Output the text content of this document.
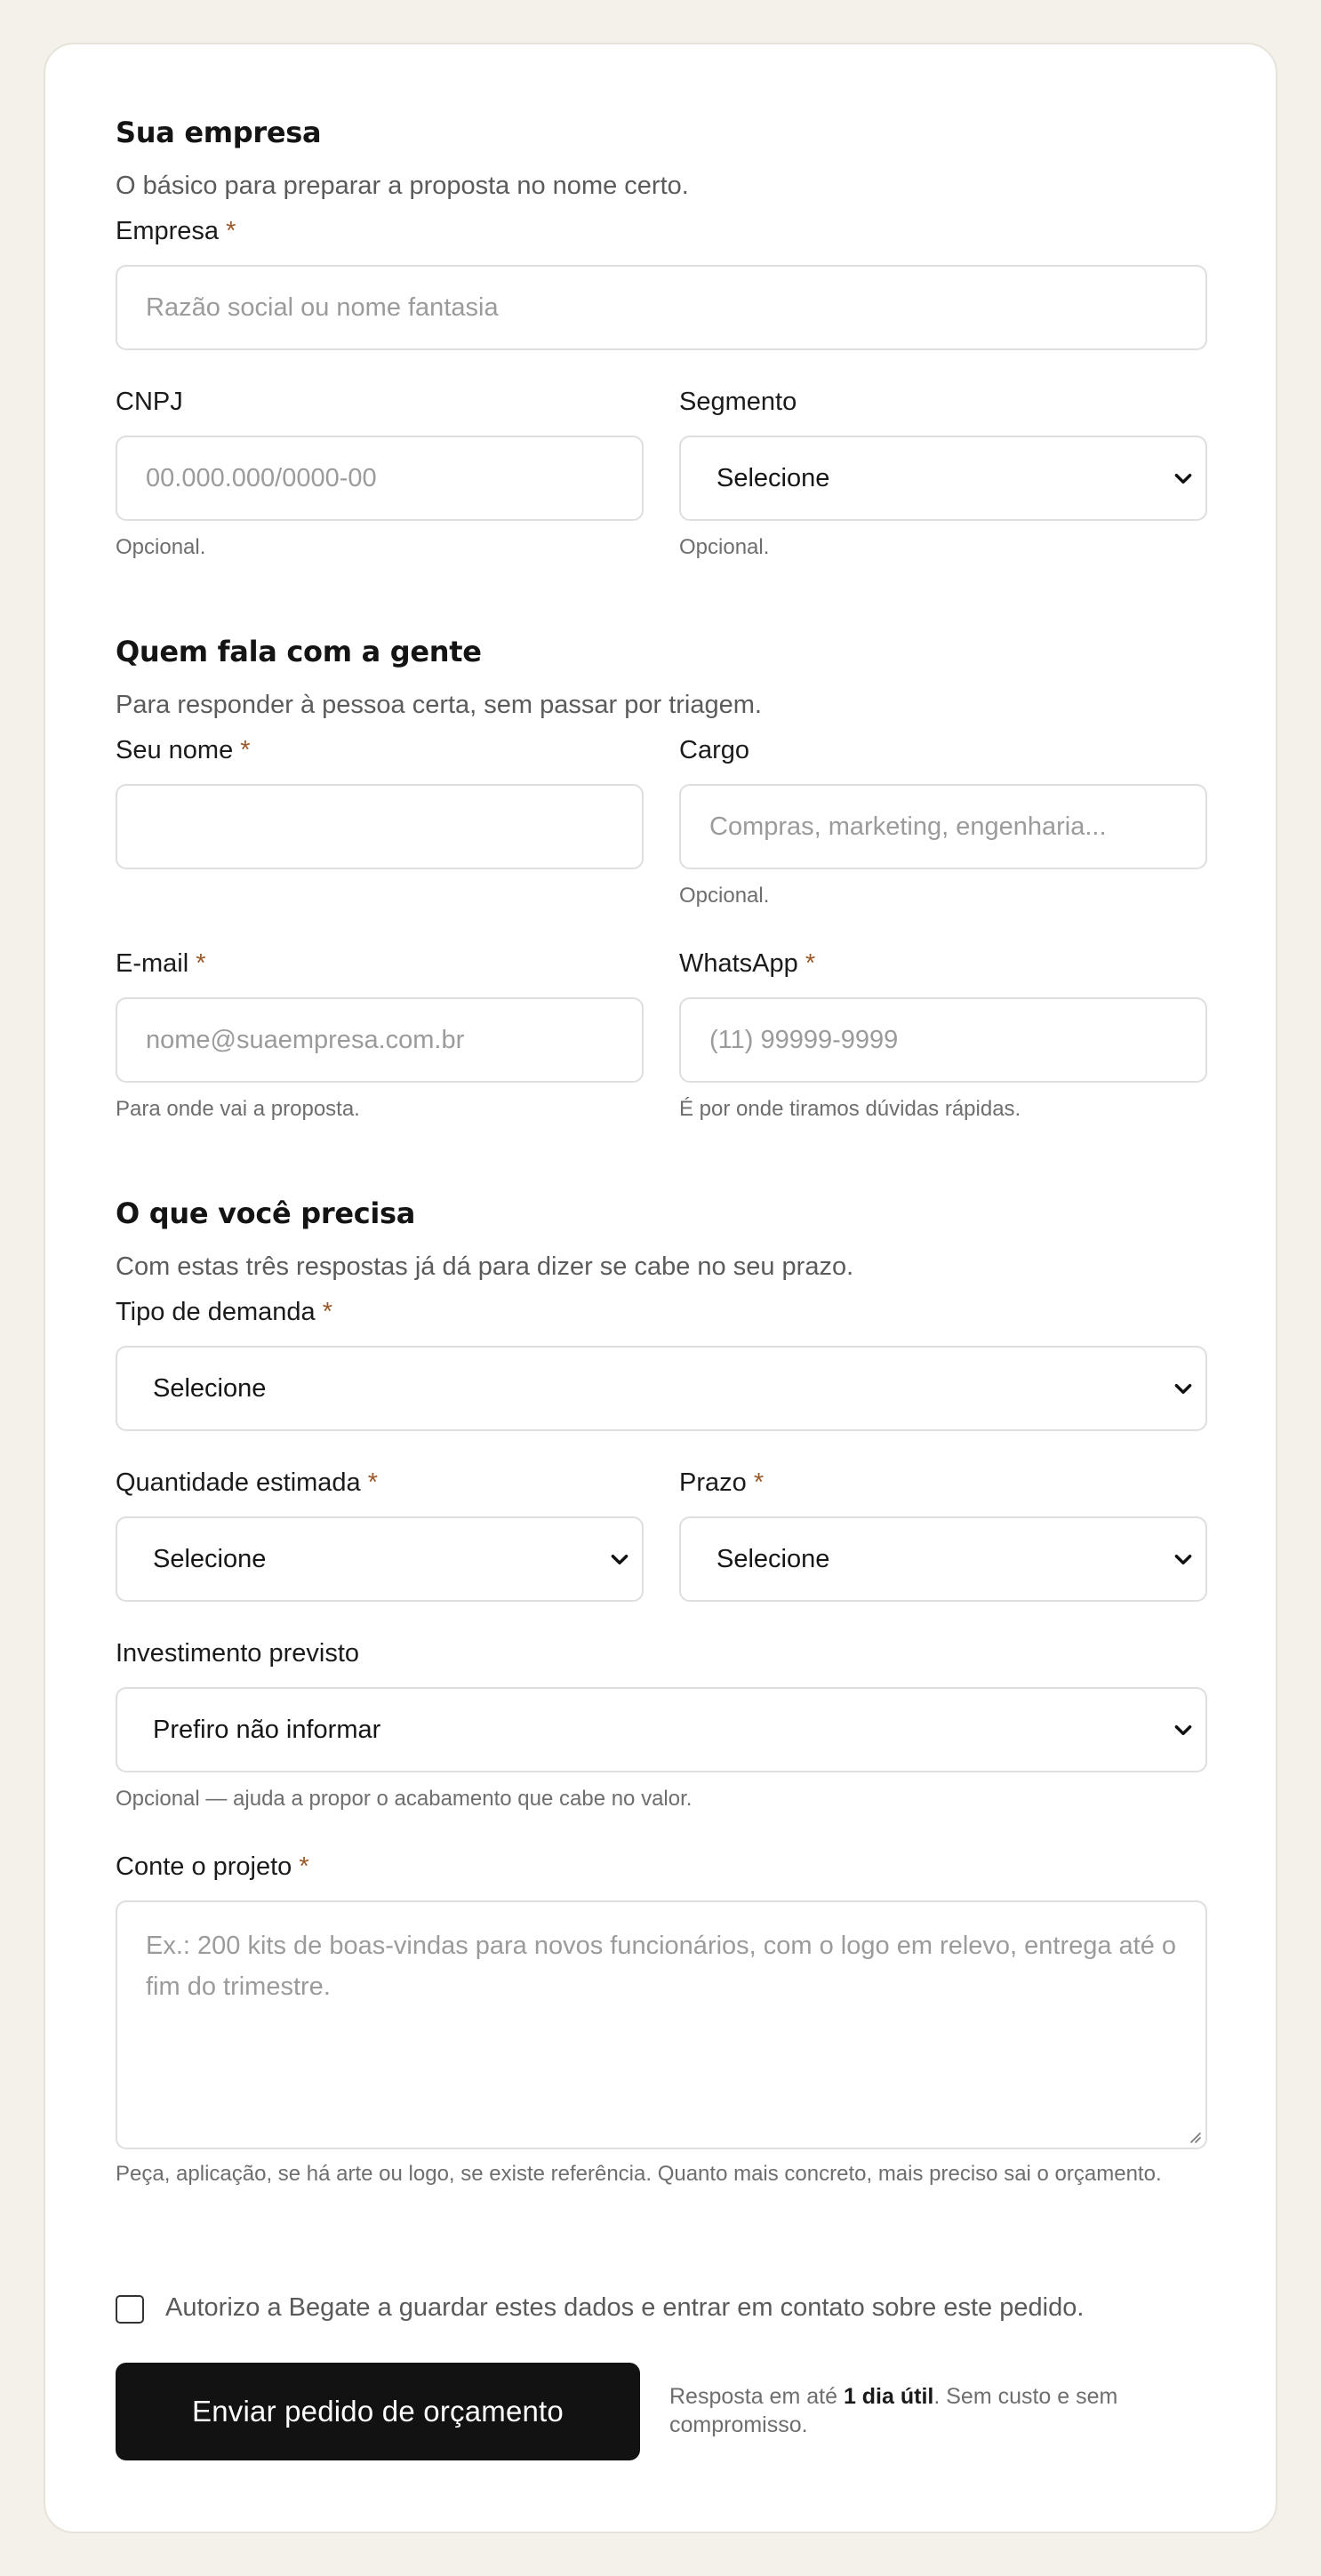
Sua empresa
O básico para preparar a proposta no nome certo.
Empresa *
Razão social ou nome fantasia
CNPJ
00.000.000/0000-00
Opcional.
Segmento
Selecione
Opcional.
Quem fala com a gente
Para responder à pessoa certa, sem passar por triagem.
Seu nome *	Cargo
Compras, marketing, engenharia...
Opcional.
E-mail *
nome@suaempresa.com.br
Para onde vai a proposta.
WhatsApp *
(11) 99999-9999
É por onde tiramos dúvidas rápidas.
O que você precisa
Com estas três respostas já dá para dizer se cabe no seu prazo.
Tipo de demanda *
Selecione
Quantidade estimada *
Selecione
Prazo *
Selecione
Investimento previsto
Prefiro não informar
Opcional — ajuda a propor o acabamento que cabe no valor.
Conte o projeto *
Ex.: 200 kits de boas-vindas para novos funcionários, com o logo em relevo, entrega até o fim do trimestre.
Peça, aplicação, se há arte ou logo, se existe referência. Quanto mais concreto, mais preciso sai o orçamento.
Autorizo a Begate a guardar estes dados e entrar em contato sobre este pedido.
Enviar pedido de orçamento	Resposta em até 1 dia útil. Sem custo e sem compromisso.
